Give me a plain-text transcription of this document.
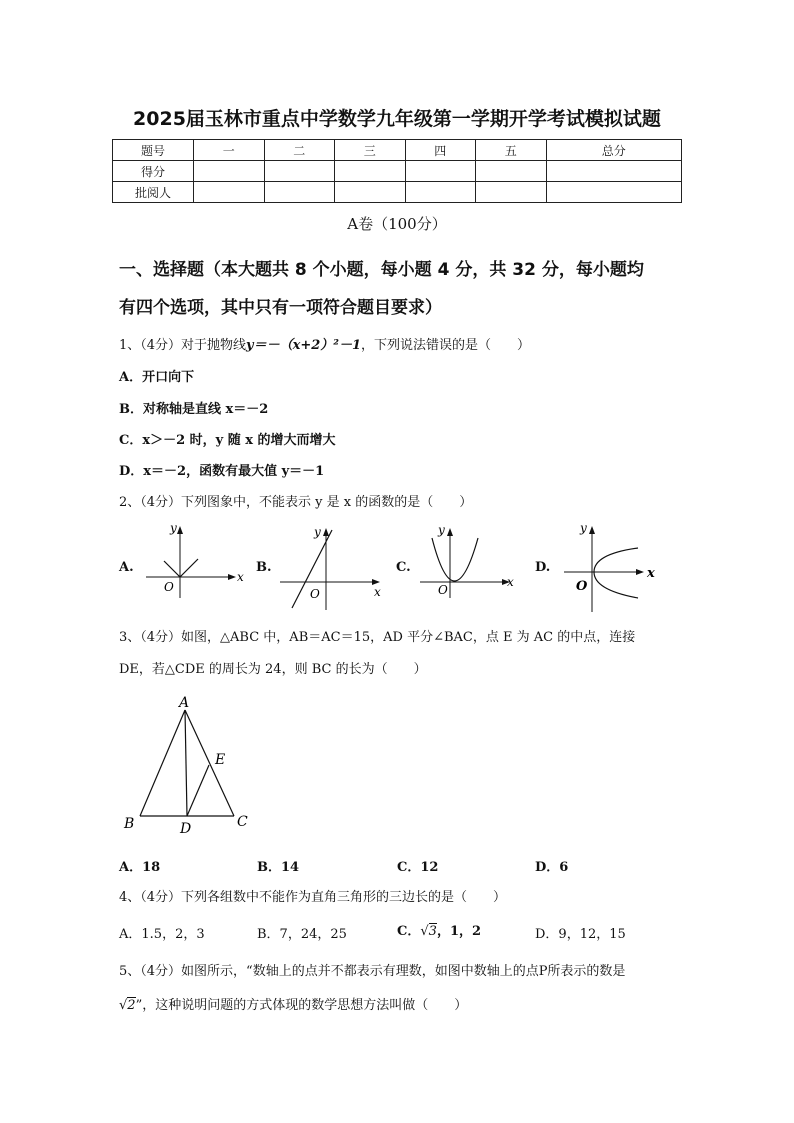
2025届玉林市重点中学数学九年级第一学期开学考试模拟试题
题号	一	二	三	四	五	总分
得分						
批阅人						
A卷（100分）
一、选择题（本大题共 8 个小题，每小题 4 分，共 32 分，每小题均
有四个选项，其中只有一项符合题目要求）
1、（4分）对于抛物线y＝－（x+2）²－1，下列说法错误的是（　　）
A．开口向下
B．对称轴是直线 x＝－2
C．x＞－2 时，y 随 x 的增大而增大
D．x＝－2，函数有最大值 y＝－1
2、（4分）下列图象中，不能表示 y 是 x 的函数的是（　　）
A.
x
y
O
B.
x
y
O
C.
x
y
O
D.	x
y
O
3、（4分）如图，△ABC 中，AB＝AC＝15，AD 平分∠BAC，点 E 为 AC 的中点，连接
DE，若△CDE 的周长为 24，则 BC 的长为（　　）
A
B	C
D
E
A．18	B．14	C．12	D．6
4、（4分）下列各组数中不能作为直角三角形的三边长的是（　　）
A．1.5，2，3	B．7，24，25	C．√3，1，2	D．9，12，15
5、（4分）如图所示，“数轴上的点并不都表示有理数，如图中数轴上的点P所表示的数是
√2”，这种说明问题的方式体现的数学思想方法叫做（　　）
